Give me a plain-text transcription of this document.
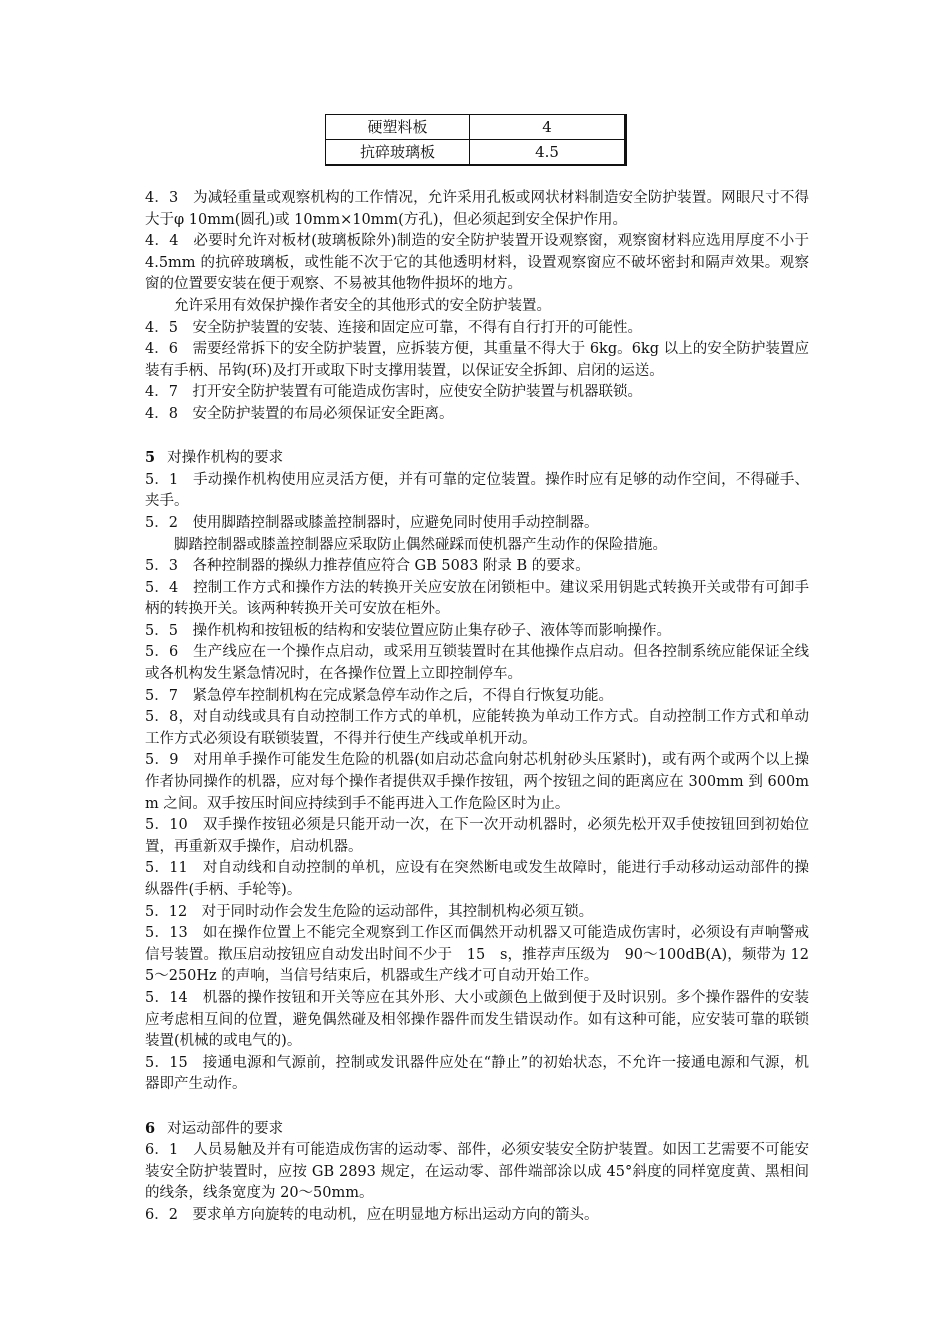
硬塑料板	4
抗碎玻璃板	4.5

4．3　为减轻重量或观察机构的工作情况，允许采用孔板或网状材料制造安全防护装置。网眼尺寸不得大于φ 10mm(圆孔)或 10mm×10mm(方孔)，但必须起到安全保护作用。

4．4　必要时允许对板材(玻璃板除外)制造的安全防护装置开设观察窗，观察窗材料应选用厚度不小于 4.5mm 的抗碎玻璃板，或性能不次于它的其他透明材料，设置观察窗应不破坏密封和隔声效果。观察窗的位置要安装在便于观察、不易被其他物件损坏的地方。

允许采用有效保护操作者安全的其他形式的安全防护装置。

4．5　安全防护装置的安装、连接和固定应可靠，不得有自行打开的可能性。

4．6　需要经常拆下的安全防护装置，应拆装方便，其重量不得大于 6kg。6kg 以上的安全防护装置应装有手柄、吊钩(环)及打开或取下时支撑用装置，以保证安全拆卸、启闭的运送。

4．7　打开安全防护装置有可能造成伤害时，应使安全防护装置与机器联锁。

4．8　安全防护装置的布局必须保证安全距离。

5 对操作机构的要求

5．1　手动操作机构使用应灵活方便，并有可靠的定位装置。操作时应有足够的动作空间，不得碰手、夹手。

5．2　使用脚踏控制器或膝盖控制器时，应避免同时使用手动控制器。

脚踏控制器或膝盖控制器应采取防止偶然碰踩而使机器产生动作的保险措施。

5．3　各种控制器的操纵力推荐值应符合 GB 5083 附录 B 的要求。

5．4　控制工作方式和操作方法的转换开关应安放在闭锁柜中。建议采用钥匙式转换开关或带有可卸手柄的转换开关。该两种转换开关可安放在柜外。

5．5　操作机构和按钮板的结构和安装位置应防止集存砂子、液体等而影响操作。

5．6　生产线应在一个操作点启动，或采用互锁装置时在其他操作点启动。但各控制系统应能保证全线或各机构发生紧急情况时，在各操作位置上立即控制停车。

5．7　紧急停车控制机构在完成紧急停车动作之后，不得自行恢复功能。

5．8，对自动线或具有自动控制工作方式的单机，应能转换为单动工作方式。自动控制工作方式和单动工作方式必须设有联锁装置，不得并行使生产线或单机开动。

5．9　对用单手操作可能发生危险的机器(如启动芯盒向射芯机射砂头压紧时)，或有两个或两个以上操作者协同操作的机器，应对每个操作者提供双手操作按钮，两个按钮之间的距离应在 300mm 到 600mm 之间。双手按压时间应持续到手不能再进入工作危险区时为止。

5．10　双手操作按钮必须是只能开动一次，在下一次开动机器时，必须先松开双手使按钮回到初始位置，再重新双手操作，启动机器。

5．11　对自动线和自动控制的单机，应设有在突然断电或发生故障时，能进行手动移动运动部件的操纵器件(手柄、手轮等)。

5．12　对于同时动作会发生危险的运动部件，其控制机构必须互锁。

5．13　如在操作位置上不能完全观察到工作区而偶然开动机器又可能造成伤害时，必须设有声响警戒信号装置。揿压启动按钮应自动发出时间不少于　15　s，推荐声压级为　90～100dB(A)，频带为 125～250Hz 的声响，当信号结束后，机器或生产线才可自动开始工作。

5．14　机器的操作按钮和开关等应在其外形、大小或颜色上做到便于及时识别。多个操作器件的安装应考虑相互间的位置，避免偶然碰及相邻操作器件而发生错误动作。如有这种可能，应安装可靠的联锁装置(机械的或电气的)。

5．15　接通电源和气源前，控制或发讯器件应处在“静止”的初始状态，不允许一接通电源和气源，机器即产生动作。

6 对运动部件的要求

6．1　人员易触及并有可能造成伤害的运动零、部件，必须安装安全防护装置。如因工艺需要不可能安装安全防护装置时，应按 GB 2893 规定，在运动零、部件端部涂以成 45°斜度的同样宽度黄、黑相间的线条，线条宽度为 20～50mm。

6．2　要求单方向旋转的电动机，应在明显地方标出运动方向的箭头。
